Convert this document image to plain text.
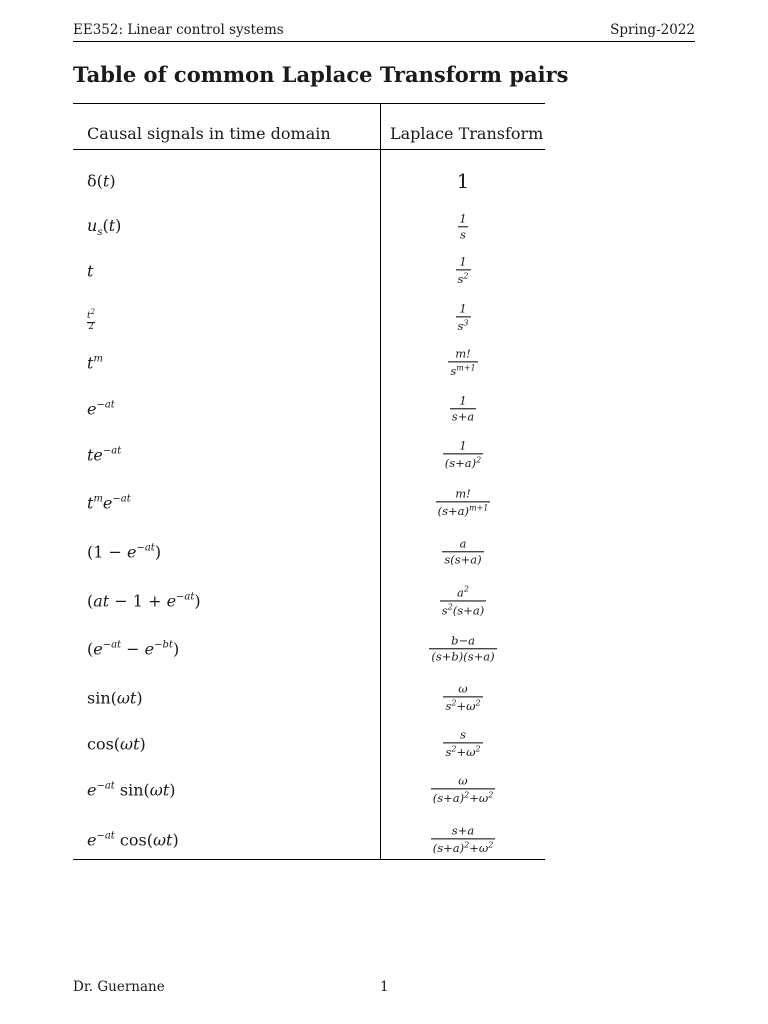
EE352: Linear control systems	Spring-2022
Table of common Laplace Transform pairs
Causal signals in time domain	Laplace Transform
δ(t)	1
$u_s(t)$	$\frac{1}{s}$
t	$\frac{1}{s^2}$
$\frac{t^2}{2}$	$\frac{1}{s^3}$
$t^m$	$\frac{m!}{s^{m+1}}$
$e^{-at}$	$\frac{1}{s+a}$
$te^{-at}$	$\frac{1}{(s+a)^2}$
$t^me^{-at}$	$\frac{m!}{(s+a)^{m+1}}$
$(1 - e^{-at})$	$\frac{a}{s(s+a)}$
$(at - 1 + e^{-at})$	$\frac{a^2}{s^2(s+a)}$
$(e^{-at} - e^{-bt})$	$\frac{b-a}{(s+b)(s+a)}$
sin(ωt)	$\frac{\omega}{s^2+\omega^2}$
cos(ωt)	$\frac{s}{s^2+\omega^2}$
$e^{-at}$ sin(ωt)	$\frac{\omega}{(s+a)^2+\omega^2}$
$e^{-at}$ cos(ωt)	$\frac{s+a}{(s+a)^2+\omega^2}$
Dr. Guernane	1
